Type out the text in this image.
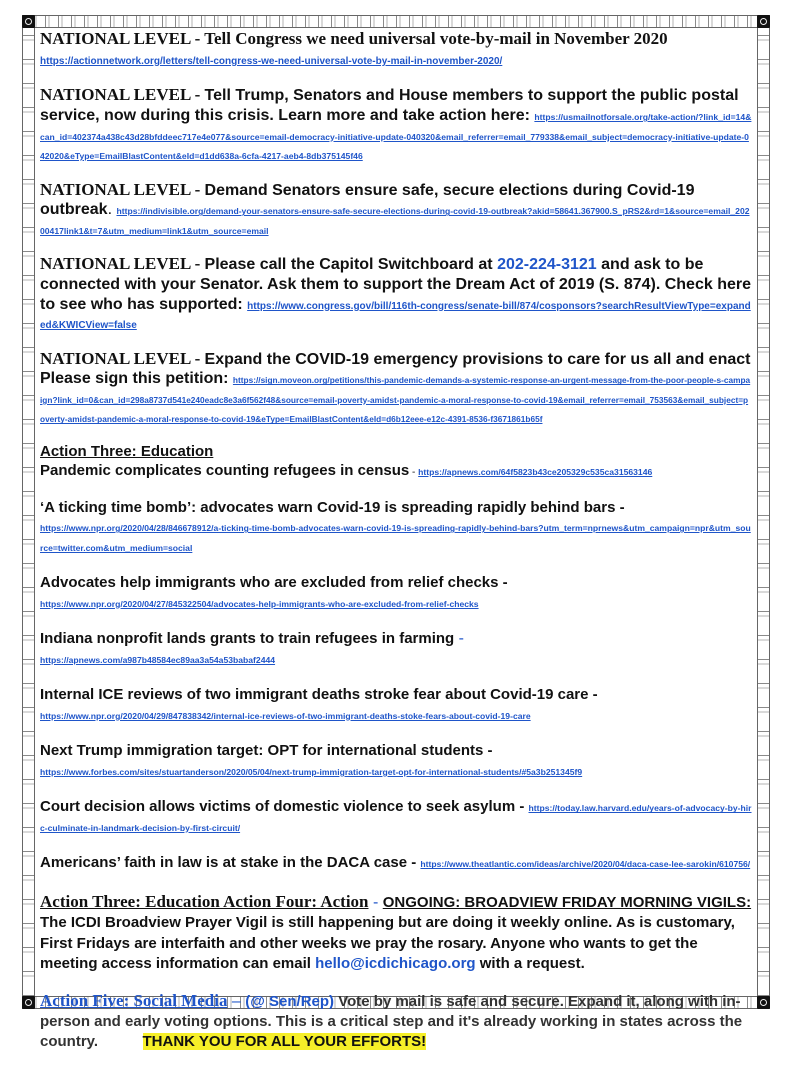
NATIONAL LEVEL - Tell Congress we need universal vote-by-mail in November 2020
https://actionnetwork.org/letters/tell-congress-we-need-universal-vote-by-mail-in-november-2020/
NATIONAL LEVEL - Tell Trump, Senators and House members to support the public postal service, now during this crisis. Learn more and take action here: https://usmailnotforsale.org/take-action/?link_id=14&can_id=402374a438c43d28bfddeec717e4e077&source=email-democracy-initiative-update-040320&email_referrer=email_779338&email_subject=democracy-initiative-update-042020&eType=EmailBlastContent&eId=d1dd638a-6cfa-4217-aeb4-8db375145f46
NATIONAL LEVEL - Demand Senators ensure safe, secure elections during Covid-19 outbreak. https://indivisible.org/demand-your-senators-ensure-safe-secure-elections-during-covid-19-outbreak?akid=58641.367900.S_pRS2&rd=1&source=email_20200417link1&t=7&utm_medium=link1&utm_source=email
NATIONAL LEVEL - Please call the Capitol Switchboard at 202-224-3121 and ask to be connected with your Senator. Ask them to support the Dream Act of 2019 (S. 874). Check here to see who has supported: https://www.congress.gov/bill/116th-congress/senate-bill/874/cosponsors?searchResultViewType=expanded&KWICView=false
NATIONAL LEVEL - Expand the COVID-19 emergency provisions to care for us all and enact Please sign this petition: https://sign.moveon.org/petitions/this-pandemic-demands-a-systemic-response-an-urgent-message-from-the-poor-people-s-campaign?link_id=0&can_id=298a8737d541e240eadc8e3a6f562f48&source=email-poverty-amidst-pandemic-a-moral-response-to-covid-19&email_referrer=email_753563&email_subject=poverty-amidst-pandemic-a-moral-response-to-covid-19&eType=EmailBlastContent&eId=d6b12eee-e12c-4391-8536-f3671861b65f
Action Three: Education
Pandemic complicates counting refugees in census - https://apnews.com/64f5823b43ce205329c535ca31563146
‘A ticking time bomb’: advocates warn Covid-19 is spreading rapidly behind bars -
https://www.npr.org/2020/04/28/846678912/a-ticking-time-bomb-advocates-warn-covid-19-is-spreading-rapidly-behind-bars?utm_term=nprnews&utm_campaign=npr&utm_source=twitter.com&utm_medium=social
Advocates help immigrants who are excluded from relief checks -
https://www.npr.org/2020/04/27/845322504/advocates-help-immigrants-who-are-excluded-from-relief-checks
Indiana nonprofit lands grants to train refugees in farming -
https://apnews.com/a987b48584ec89aa3a54a53babaf2444
Internal ICE reviews of two immigrant deaths stroke fear about Covid-19 care -
https://www.npr.org/2020/04/29/847838342/internal-ice-reviews-of-two-immigrant-deaths-stoke-fears-about-covid-19-care
Next Trump immigration target: OPT for international students -
https://www.forbes.com/sites/stuartanderson/2020/05/04/next-trump-immigration-target-opt-for-international-students/#5a3b251345f9
Court decision allows victims of domestic violence to seek asylum - https://today.law.harvard.edu/years-of-advocacy-by-hirc-culminate-in-landmark-decision-by-first-circuit/
Americans’ faith in law is at stake in the DACA case - https://www.theatlantic.com/ideas/archive/2020/04/daca-case-lee-sarokin/610756/
Action Three: Education Action Four: Action - ONGOING: BROADVIEW FRIDAY MORNING VIGILS: The ICDI Broadview Prayer Vigil is still happening but are doing it weekly online. As is customary, First Fridays are interfaith and other weeks we pray the rosary. Anyone who wants to get the meeting access information can email hello@icdichicago.org with a request.
Action Five: Social Media – (@ Sen/Rep) Vote by mail is safe and secure. Expand it, along with in-person and early voting options. This is a critical step and it's already working in states across the country.	THANK YOU FOR ALL YOUR EFFORTS!
